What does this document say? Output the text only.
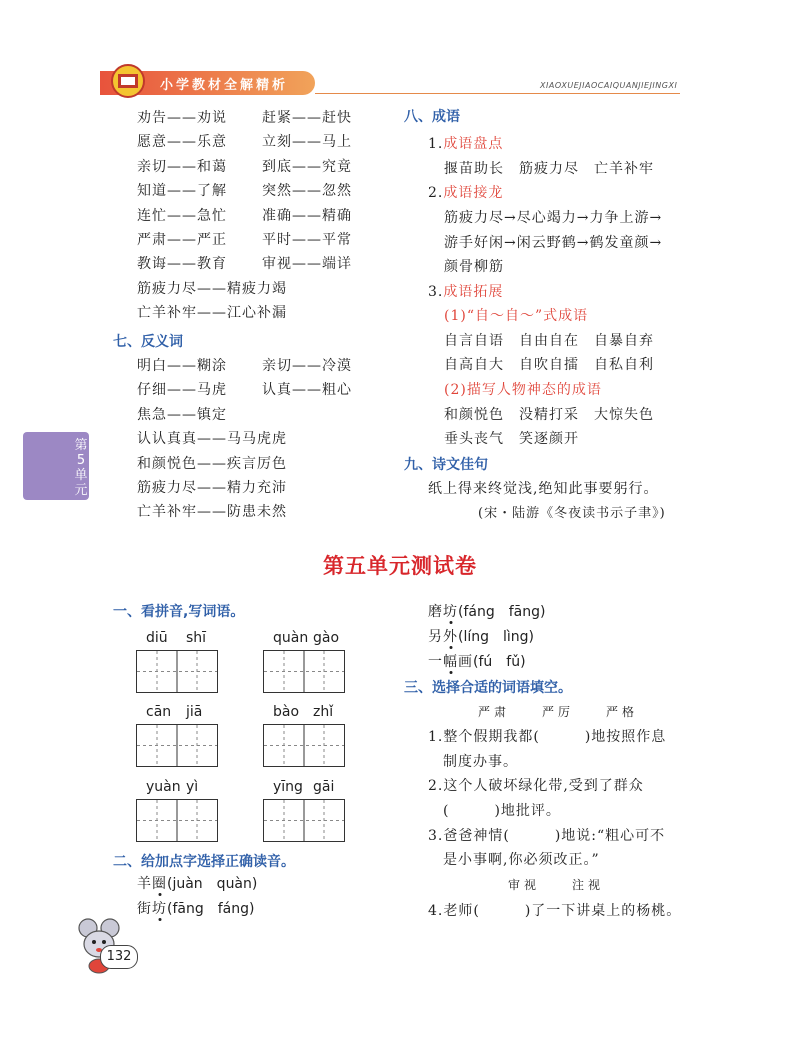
小学教材全解精析	XIAOXUEJIAOCAIQUANJIEJINGXI
第5单元
劝告——劝说	赶紧——赶快
愿意——乐意	立刻——马上
亲切——和蔼	到底——究竟
知道——了解	突然——忽然
连忙——急忙	准确——精确
严肃——严正	平时——平常
教诲——教育	审视——端详
筋疲力尽——精疲力竭
亡羊补牢——江心补漏
七、反义词
明白——糊涂	亲切——冷漠
仔细——马虎	认真——粗心
焦急——镇定
认认真真——马马虎虎
和颜悦色——疾言厉色
筋疲力尽——精力充沛
亡羊补牢——防患未然
八、成语
1.成语盘点
揠苗助长　筋疲力尽　亡羊补牢
2.成语接龙
筋疲力尽→尽心竭力→力争上游→
游手好闲→闲云野鹤→鹤发童颜→
颜骨柳筋
3.成语拓展
(1)“自～自～”式成语
自言自语　自由自在　自暴自弃
自高自大　自吹自擂　自私自利
(2)描写人物神态的成语
和颜悦色　没精打采　大惊失色
垂头丧气　笑逐颜开
九、诗文佳句
纸上得来终觉浅,绝知此事要躬行。
(宋・陆游《冬夜读书示子聿》)
第五单元测试卷
一、看拼音,写词语。
diū shī	quàn gào
cān jiā	bào zhǐ
yuàn yì	yīng gāi
二、给加点字选择正确读音。
羊圈
(juàn　quàn)
街坊
(fāng　fáng)
磨坊
(fáng　fāng)
另外
(líng　lìng)
一幅
画(fú　fǔ)
三、选择合适的词语填空。
严肃　　严厉　　严格
1.整个假期我都(　　　)地按照作息
制度办事。
2.这个人破坏绿化带,受到了群众
(　　　)地批评。
3.爸爸神情(　　　)地说:“粗心可不
是小事啊,你必须改正。”
审视　　注视
4.老师(　　　)了一下讲桌上的杨桃。
132
